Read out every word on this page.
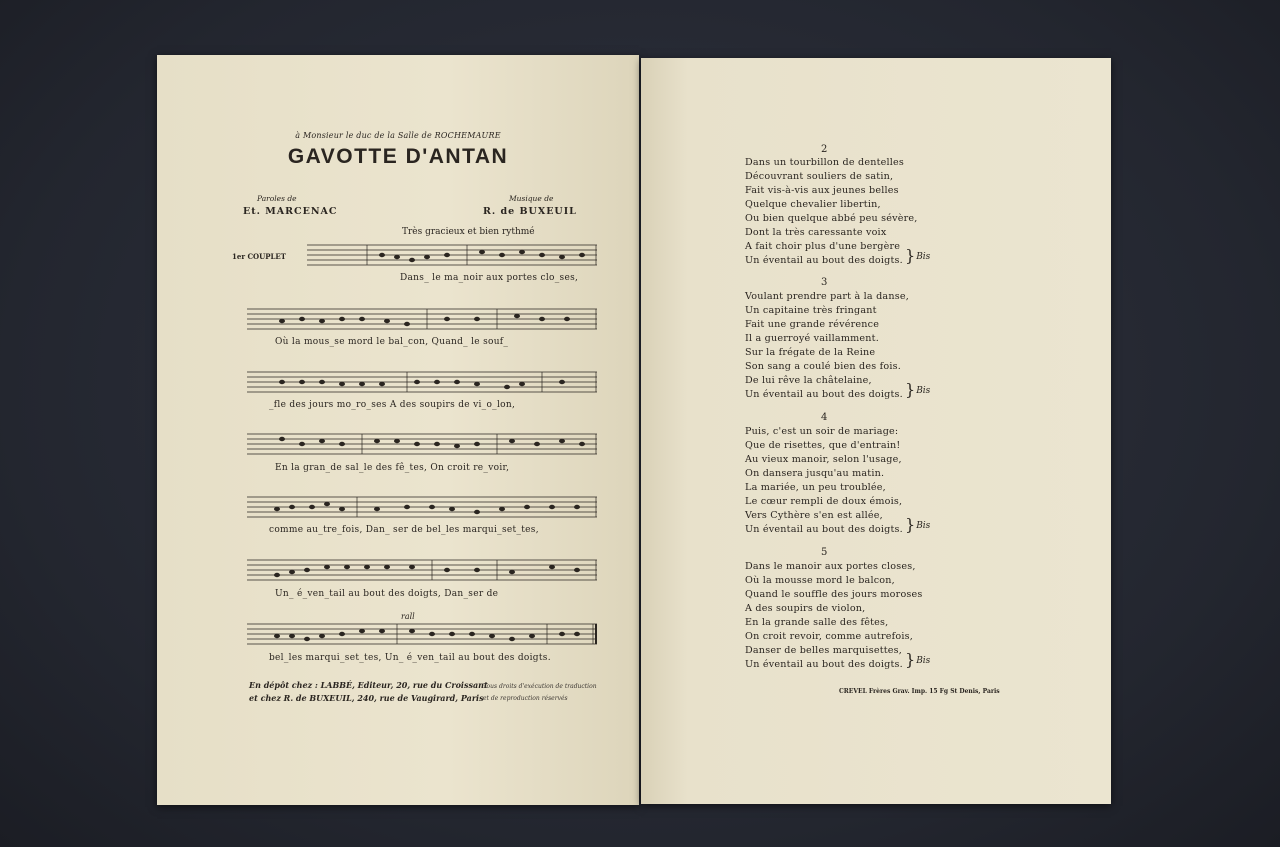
à Monsieur le duc de la Salle de ROCHEMAURE
GAVOTTE D'ANTAN
Paroles de
Et. MARCENAC
Musique de
R. de BUXEUIL
Très gracieux et bien rythmé
1er COUPLET
Dans_ le ma_noir aux portes clo_ses,
Où la mous_se mord le bal_con, Quand_ le souf_
_fle des jours mo_ro_ses A des soupirs de vi_o_lon,
En la gran_de sal_le des fê_tes, On croit re_voir,
comme au_tre_fois, Dan_ ser de bel_les marqui_set_tes,
Un_ é_ven_tail au bout des doigts, Dan_ser de
rall
bel_les marqui_set_tes, Un_ é_ven_tail au bout des doigts.
En dépôt chez : LABBÉ, Editeur, 20, rue du Croissant
et chez R. de BUXEUIL, 240, rue de Vaugirard, Paris
Tous droits d'exécution de traduction
et de reproduction réservés
2
Dans un tourbillon de dentelles
Découvrant souliers de satin,
Fait vis-à-vis aux jeunes belles
Quelque chevalier libertin,
Ou bien quelque abbé peu sévère,
Dont la très caressante voix
A fait choir plus d'une bergère
Un éventail au bout des doigts.	} Bis
3
Voulant prendre part à la danse,
Un capitaine très fringant
Fait une grande révérence
Il a guerroyé vaillamment.
Sur la frégate de la Reine
Son sang a coulé bien des fois.
De lui rêve la châtelaine,
Un éventail au bout des doigts.	} Bis
4
Puis, c'est un soir de mariage:
Que de risettes, que d'entrain!
Au vieux manoir, selon l'usage,
On dansera jusqu'au matin.
La mariée, un peu troublée,
Le cœur rempli de doux émois,
Vers Cythère s'en est allée,
Un éventail au bout des doigts.	} Bis
5
Dans le manoir aux portes closes,
Où la mousse mord le balcon,
Quand le souffle des jours moroses
A des soupirs de violon,
En la grande salle des fêtes,
On croit revoir, comme autrefois,
Danser de belles marquisettes,
Un éventail au bout des doigts.	} Bis
CREVEL Frères Grav. Imp. 15 Fg St Denis, Paris
